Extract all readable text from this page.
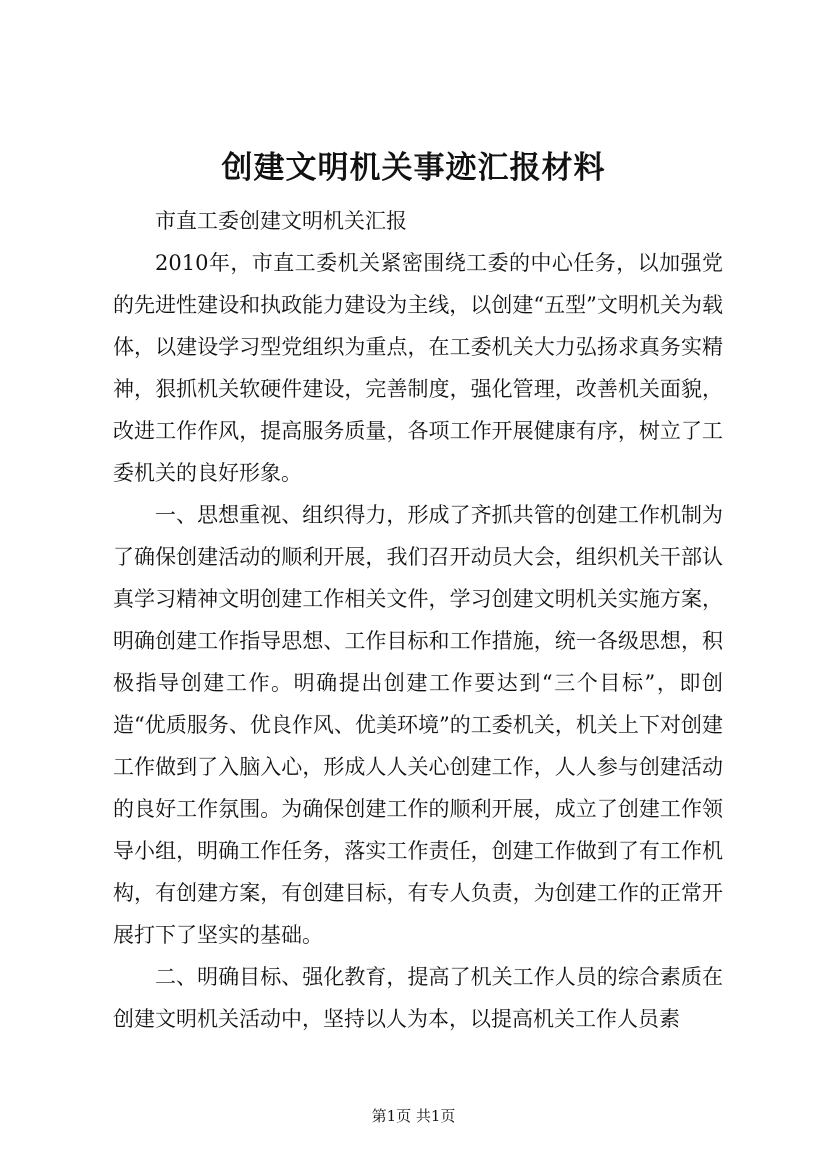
创建文明机关事迹汇报材料

市直工委创建文明机关汇报

2010年，市直工委机关紧密围绕工委的中心任务，以加强党的先进性建设和执政能力建设为主线，以创建“五型”文明机关为载体，以建设学习型党组织为重点，在工委机关大力弘扬求真务实精神，狠抓机关软硬件建设，完善制度，强化管理，改善机关面貌，改进工作作风，提高服务质量，各项工作开展健康有序，树立了工委机关的良好形象。

一、思想重视、组织得力，形成了齐抓共管的创建工作机制为了确保创建活动的顺利开展，我们召开动员大会，组织机关干部认真学习精神文明创建工作相关文件，学习创建文明机关实施方案，明确创建工作指导思想、工作目标和工作措施，统一各级思想，积极指导创建工作。明确提出创建工作要达到“三个目标”，即创造“优质服务、优良作风、优美环境”的工委机关，机关上下对创建工作做到了入脑入心，形成人人关心创建工作，人人参与创建活动的良好工作氛围。为确保创建工作的顺利开展，成立了创建工作领导小组，明确工作任务，落实工作责任，创建工作做到了有工作机构，有创建方案，有创建目标，有专人负责，为创建工作的正常开展打下了坚实的基础。

二、明确目标、强化教育，提高了机关工作人员的综合素质在创建文明机关活动中，坚持以人为本，以提高机关工作人员素

第1页 共1页
